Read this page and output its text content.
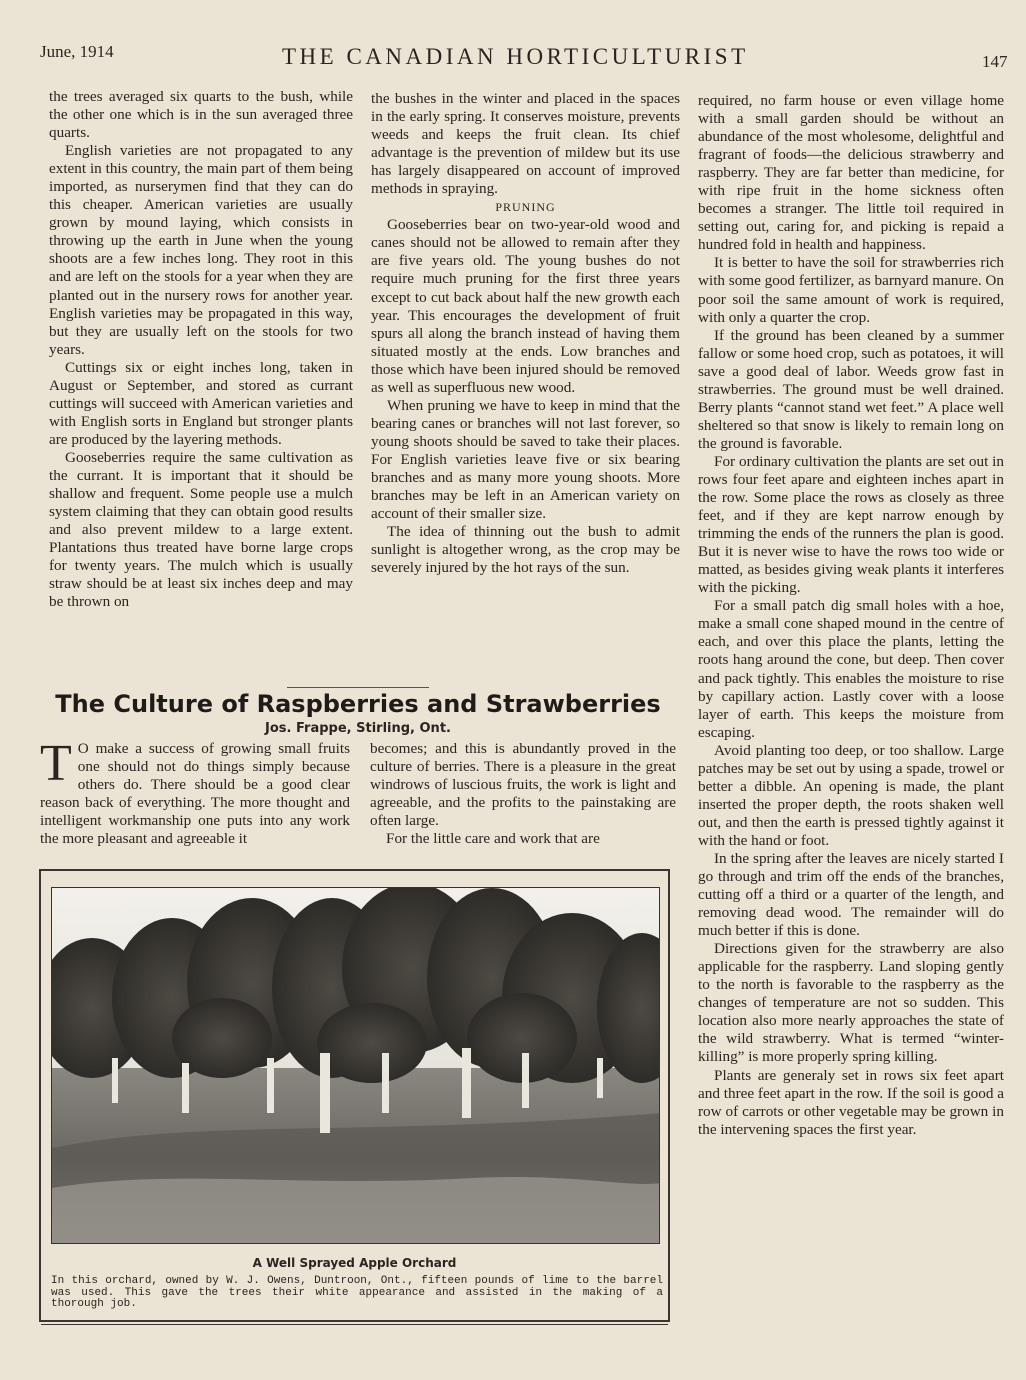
June, 1914	THE CANADIAN HORTICULTURIST	147

the trees averaged six quarts to the bush, while the other one which is in the sun averaged three quarts.

English varieties are not propagated to any extent in this country, the main part of them being imported, as nurserymen find that they can do this cheaper. American varieties are usually grown by mound laying, which consists in throwing up the earth in June when the young shoots are a few inches long. They root in this and are left on the stools for a year when they are planted out in the nursery rows for another year. English varieties may be propagated in this way, but they are usually left on the stools for two years.

Cuttings six or eight inches long, taken in August or September, and stored as currant cuttings will succeed with American varieties and with English sorts in England but stronger plants are produced by the layering methods.

Gooseberries require the same cultivation as the currant. It is important that it should be shallow and frequent. Some people use a mulch system claiming that they can obtain good results and also prevent mildew to a large extent. Plantations thus treated have borne large crops for twenty years. The mulch which is usually straw should be at least six inches deep and may be thrown on

the bushes in the winter and placed in the spaces in the early spring. It conserves moisture, prevents weeds and keeps the fruit clean. Its chief advantage is the prevention of mildew but its use has largely disappeared on account of improved methods in spraying.

PRUNING

Gooseberries bear on two-year-old wood and canes should not be allowed to remain after they are five years old. The young bushes do not require much pruning for the first three years except to cut back about half the new growth each year. This encourages the development of fruit spurs all along the branch instead of having them situated mostly at the ends. Low branches and those which have been injured should be removed as well as superfluous new wood.

When pruning we have to keep in mind that the bearing canes or branches will not last forever, so young shoots should be saved to take their places. For English varieties leave five or six bearing branches and as many more young shoots. More branches may be left in an American variety on account of their smaller size.

The idea of thinning out the bush to admit sunlight is altogether wrong, as the crop may be severely injured by the hot rays of the sun.

required, no farm house or even village home with a small garden should be without an abundance of the most wholesome, delightful and fragrant of foods—the delicious strawberry and raspberry. They are far better than medicine, for with ripe fruit in the home sickness often becomes a stranger. The little toil required in setting out, caring for, and picking is repaid a hundred fold in health and happiness.

It is better to have the soil for strawberries rich with some good fertilizer, as barnyard manure. On poor soil the same amount of work is required, with only a quarter the crop.

If the ground has been cleaned by a summer fallow or some hoed crop, such as potatoes, it will save a good deal of labor. Weeds grow fast in strawberries. The ground must be well drained. Berry plants “cannot stand wet feet.” A place well sheltered so that snow is likely to remain long on the ground is favorable.

For ordinary cultivation the plants are set out in rows four feet apare and eighteen inches apart in the row. Some place the rows as closely as three feet, and if they are kept narrow enough by trimming the ends of the runners the plan is good. But it is never wise to have the rows too wide or matted, as besides giving weak plants it interferes with the picking.

For a small patch dig small holes with a hoe, make a small cone shaped mound in the centre of each, and over this place the plants, letting the roots hang around the cone, but deep. Then cover and pack tightly. This enables the moisture to rise by capillary action. Lastly cover with a loose layer of earth. This keeps the moisture from escaping.

Avoid planting too deep, or too shallow. Large patches may be set out by using a spade, trowel or better a dibble. An opening is made, the plant inserted the proper depth, the roots shaken well out, and then the earth is pressed tightly against it with the hand or foot.

In the spring after the leaves are nicely started I go through and trim off the ends of the branches, cutting off a third or a quarter of the length, and removing dead wood. The remainder will do much better if this is done.

Directions given for the strawberry are also applicable for the raspberry. Land sloping gently to the north is favorable to the raspberry as the changes of temperature are not so sudden. This location also more nearly approaches the state of the wild strawberry. What is termed “winter-killing” is more properly spring killing.

Plants are generaly set in rows six feet apart and three feet apart in the row. If the soil is good a row of carrots or other vegetable may be grown in the intervening spaces the first year.

The Culture of Raspberries and Strawberries
Jos. Frappe, Stirling, Ont.

T O make a success of growing small fruits one should not do things simply because others do. There should be a good clear reason back of everything. The more thought and intelligent workmanship one puts into any work the more pleasant and agreeable it

becomes; and this is abundantly proved in the culture of berries. There is a pleasure in the great windrows of luscious fruits, the work is light and agreeable, and the profits to the painstaking are often large.

For the little care and work that are

A Well Sprayed Apple Orchard
In this orchard, owned by W. J. Owens, Duntroon, Ont., fifteen pounds of lime to the barrel was used. This gave the trees their white appearance and assisted in the making of a thorough job.
